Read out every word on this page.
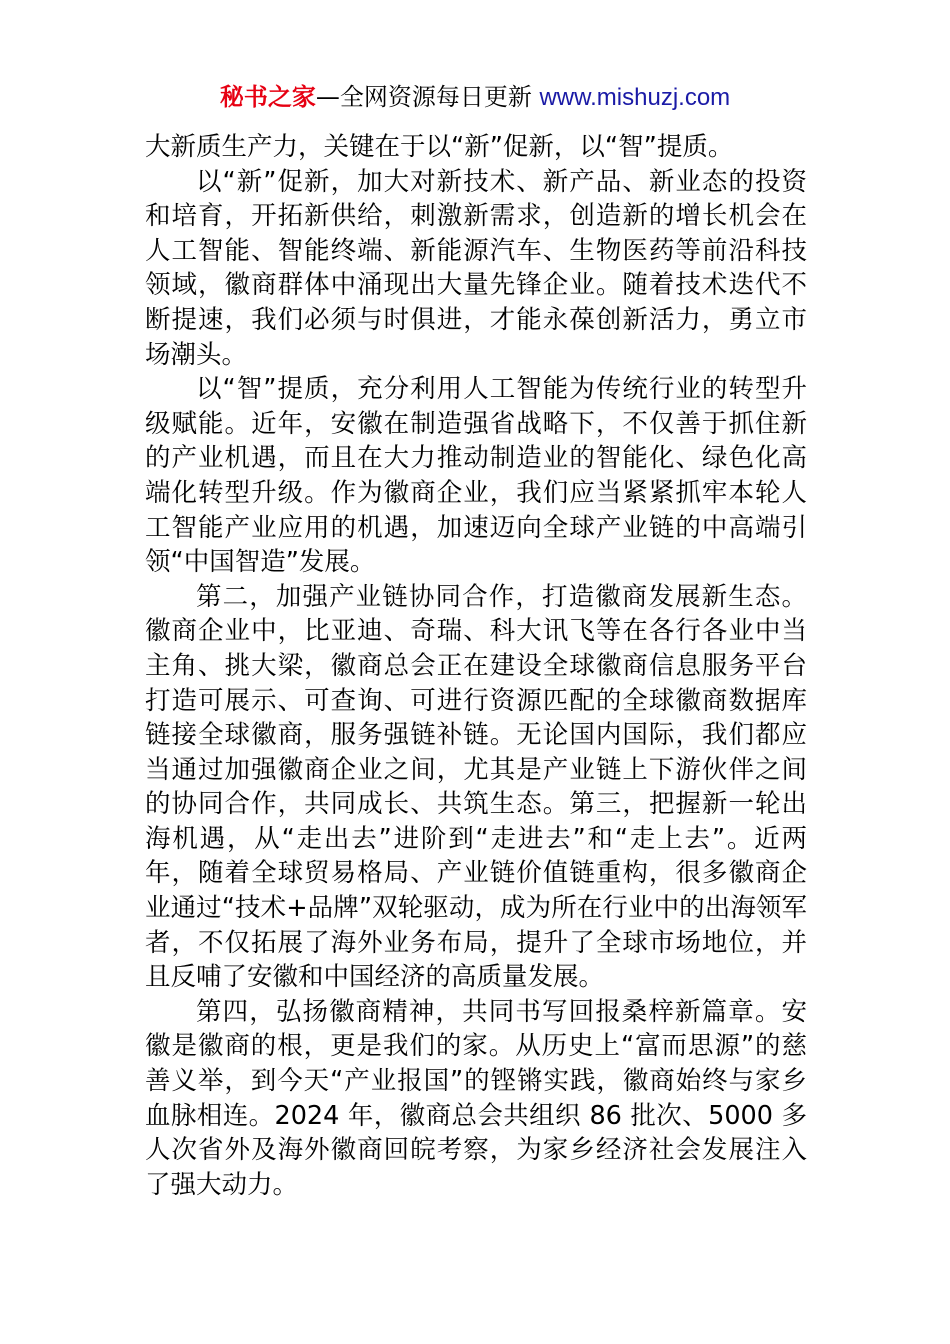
秘书之家—全网资源每日更新 www.mishuzj.com

大新质生产力，关键在于以“新”促新，以“智”提质。

以“新”促新，加大对新技术、新产品、新业态的投资和培育，开拓新供给，刺激新需求，创造新的增长机会在人工智能、智能终端、新能源汽车、生物医药等前沿科技领域，徽商群体中涌现出大量先锋企业。随着技术迭代不断提速，我们必须与时俱进，才能永葆创新活力，勇立市场潮头。

以“智”提质，充分利用人工智能为传统行业的转型升级赋能。近年，安徽在制造强省战略下，不仅善于抓住新的产业机遇，而且在大力推动制造业的智能化、绿色化高端化转型升级。作为徽商企业，我们应当紧紧抓牢本轮人工智能产业应用的机遇，加速迈向全球产业链的中高端引领“中国智造”发展。

第二，加强产业链协同合作，打造徽商发展新生态。徽商企业中，比亚迪、奇瑞、科大讯飞等在各行各业中当主角、挑大梁，徽商总会正在建设全球徽商信息服务平台打造可展示、可查询、可进行资源匹配的全球徽商数据库链接全球徽商，服务强链补链。无论国内国际，我们都应当通过加强徽商企业之间，尤其是产业链上下游伙伴之间的协同合作，共同成长、共筑生态。第三，把握新一轮出海机遇，从“走出去”进阶到“走进去”和“走上去”。近两年，随着全球贸易格局、产业链价值链重构，很多徽商企业通过“技术+品牌”双轮驱动，成为所在行业中的出海领军者，不仅拓展了海外业务布局，提升了全球市场地位，并且反哺了安徽和中国经济的高质量发展。

第四，弘扬徽商精神，共同书写回报桑梓新篇章。安徽是徽商的根，更是我们的家。从历史上“富而思源”的慈善义举，到今天“产业报国”的铿锵实践，徽商始终与家乡血脉相连。2024 年，徽商总会共组织 86 批次、5000 多人次省外及海外徽商回皖考察，为家乡经济社会发展注入了强大动力。
